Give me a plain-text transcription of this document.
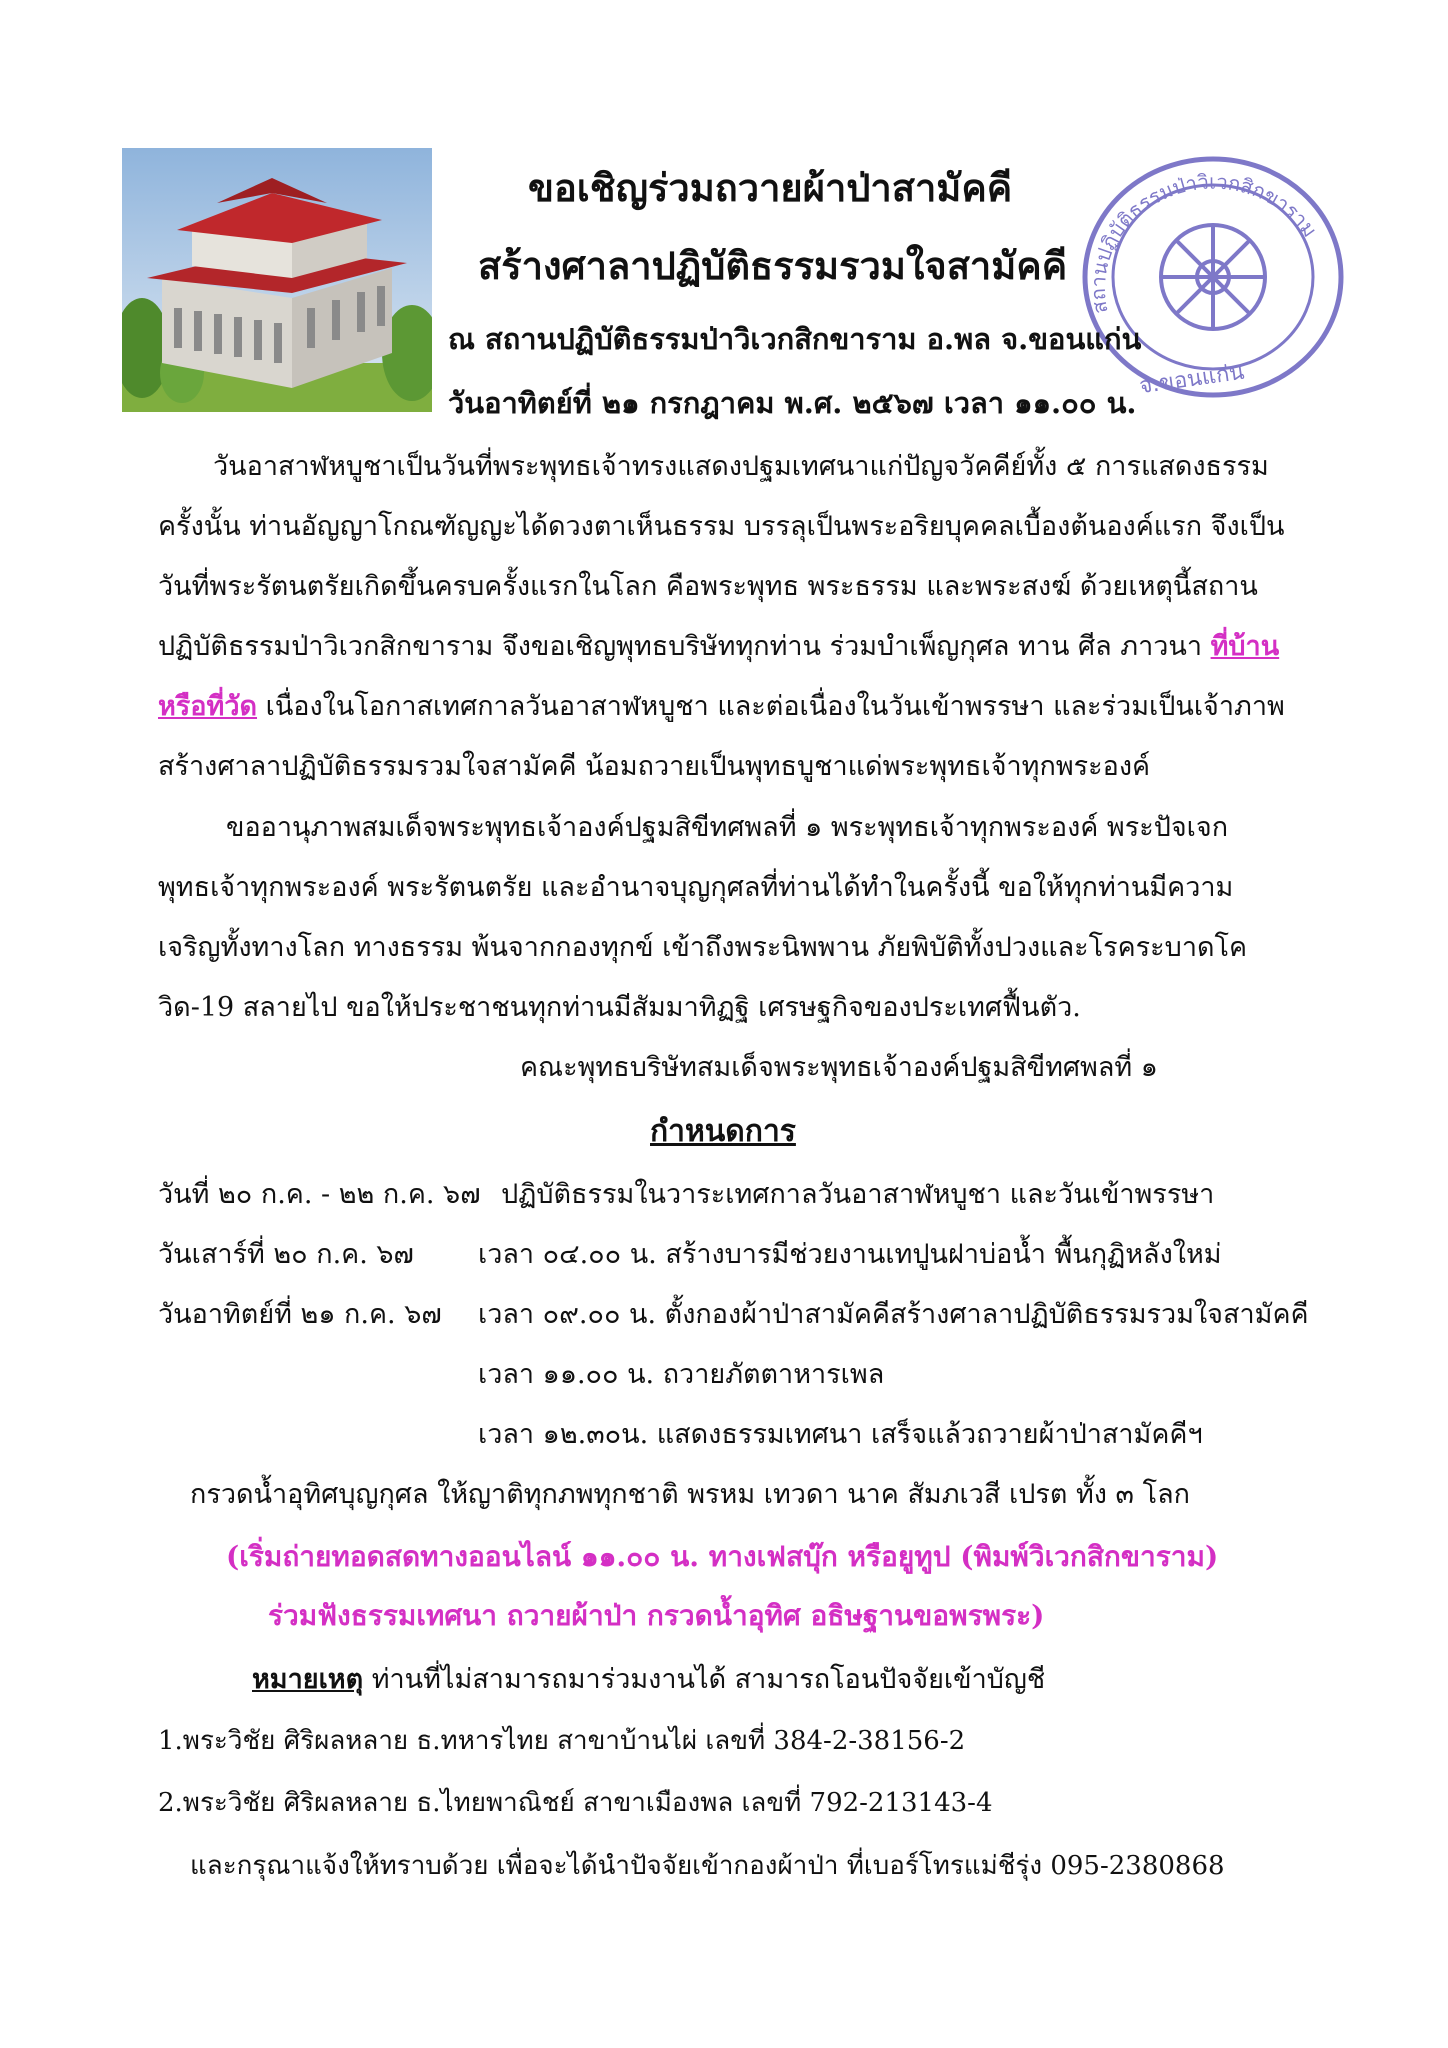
จ.ขอนแก่น
สถานปฏิบัติธรรมป่าวิเวกสิกขาราม
ขอเชิญร่วมถวายผ้าป่าสามัคคี
สร้างศาลาปฏิบัติธรรมรวมใจสามัคคี
ณ สถานปฏิบัติธรรมป่าวิเวกสิกขาราม อ.พล จ.ขอนแก่น
วันอาทิตย์ที่ ๒๑ กรกฎาคม พ.ศ. ๒๕๖๗ เวลา ๑๑.๐๐ น.
วันอาสาฬหบูชาเป็นวันที่พระพุทธเจ้าทรงแสดงปฐมเทศนาแก่ปัญจวัคคีย์ทั้ง ๕ การแสดงธรรม
ครั้งนั้น ท่านอัญญาโกณฑัญญะได้ดวงตาเห็นธรรม บรรลุเป็นพระอริยบุคคลเบื้องต้นองค์แรก จึงเป็น
วันที่พระรัตนตรัยเกิดขึ้นครบครั้งแรกในโลก คือพระพุทธ พระธรรม และพระสงฆ์ ด้วยเหตุนี้สถาน
ปฏิบัติธรรมป่าวิเวกสิกขาราม จึงขอเชิญพุทธบริษัททุกท่าน ร่วมบำเพ็ญกุศล ทาน ศีล ภาวนา ที่บ้าน
หรือที่วัด เนื่องในโอกาสเทศกาลวันอาสาฬหบูชา และต่อเนื่องในวันเข้าพรรษา และร่วมเป็นเจ้าภาพ
สร้างศาลาปฏิบัติธรรมรวมใจสามัคคี น้อมถวายเป็นพุทธบูชาแด่พระพุทธเจ้าทุกพระองค์
ขออานุภาพสมเด็จพระพุทธเจ้าองค์ปฐมสิขีทศพลที่ ๑ พระพุทธเจ้าทุกพระองค์ พระปัจเจก
พุทธเจ้าทุกพระองค์ พระรัตนตรัย และอำนาจบุญกุศลที่ท่านได้ทำในครั้งนี้ ขอให้ทุกท่านมีความ
เจริญทั้งทางโลก ทางธรรม พ้นจากกองทุกข์ เข้าถึงพระนิพพาน ภัยพิบัติทั้งปวงและโรคระบาดโค
วิด-19 สลายไป ขอให้ประชาชนทุกท่านมีสัมมาทิฏฐิ เศรษฐกิจของประเทศฟื้นตัว.
คณะพุทธบริษัทสมเด็จพระพุทธเจ้าองค์ปฐมสิขีทศพลที่ ๑
กำหนดการ
วันที่ ๒๐ ก.ค. - ๒๒ ก.ค. ๖๗ ปฏิบัติธรรมในวาระเทศกาลวันอาสาฬหบูชา และวันเข้าพรรษา
วันเสาร์ที่ ๒๐ ก.ค. ๖๗ เวลา ๐๔.๐๐ น. สร้างบารมีช่วยงานเทปูนฝาบ่อน้ำ พื้นกุฏิหลังใหม่
วันอาทิตย์ที่ ๒๑ ก.ค. ๖๗ เวลา ๐๙.๐๐ น. ตั้งกองผ้าป่าสามัคคีสร้างศาลาปฏิบัติธรรมรวมใจสามัคคี
เวลา ๑๑.๐๐ น. ถวายภัตตาหารเพล
เวลา ๑๒.๓๐น. แสดงธรรมเทศนา เสร็จแล้วถวายผ้าป่าสามัคคีฯ
กรวดน้ำอุทิศบุญกุศล ให้ญาติทุกภพทุกชาติ พรหม เทวดา นาค สัมภเวสี เปรต ทั้ง ๓ โลก
(เริ่มถ่ายทอดสดทางออนไลน์ ๑๑.๐๐ น. ทางเฟสบุ๊ก หรือยูทูป (พิมพ์วิเวกสิกขาราม)
ร่วมฟังธรรมเทศนา ถวายผ้าป่า กรวดน้ำอุทิศ อธิษฐานขอพรพระ)
หมายเหตุ ท่านที่ไม่สามารถมาร่วมงานได้ สามารถโอนปัจจัยเข้าบัญชี
1.พระวิชัย ศิริผลหลาย ธ.ทหารไทย สาขาบ้านไผ่ เลขที่ 384-2-38156-2
2.พระวิชัย ศิริผลหลาย ธ.ไทยพาณิชย์ สาขาเมืองพล เลขที่ 792-213143-4
และกรุณาแจ้งให้ทราบด้วย เพื่อจะได้นำปัจจัยเข้ากองผ้าป่า ที่เบอร์โทรแม่ชีรุ่ง 095-2380868
